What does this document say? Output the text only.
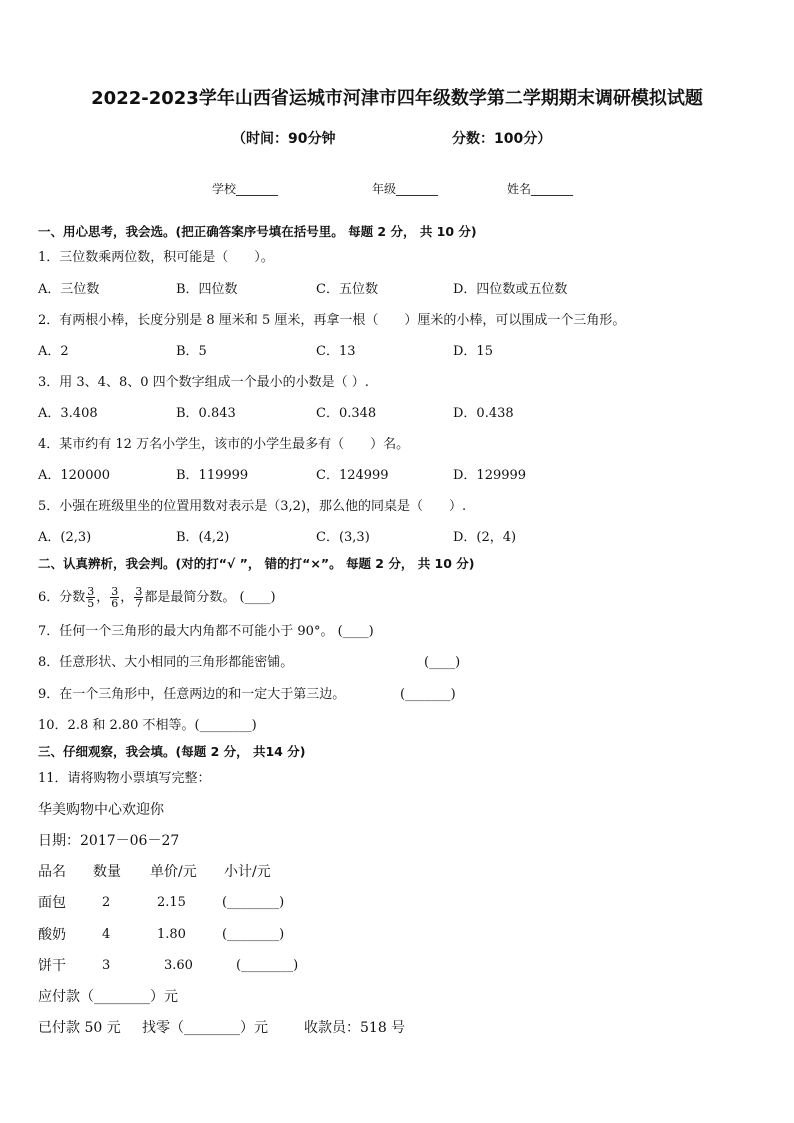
2022-2023学年山西省运城市河津市四年级数学第二学期期末调研模拟试题
（时间：90分钟	分数：100分）
学校_______	年级_______	姓名_______
一、用心思考，我会选。(把正确答案序号填在括号里。 每题 2 分， 共 10 分)
1．三位数乘两位数，积可能是（　　）。
A．三位数	B．四位数	C．五位数	D．四位数或五位数
2．有两根小棒，长度分别是 8 厘米和 5 厘米，再拿一根（　　）厘米的小棒，可以围成一个三角形。
A．2	B．5	C．13	D．15
3．用 3、4、8、0 四个数字组成一个最小的小数是（ ）.
A．3.408	B．0.843	C．0.348	D．0.438
4．某市约有 12 万名小学生，该市的小学生最多有（　　）名。
A．120000	B．119999	C．124999	D．129999
5．小强在班级里坐的位置用数对表示是（3,2)，那么他的同桌是（　　）.
A．(2,3)	B．(4,2)	C．(3,3)	D．(2，4)
二、认真辨析，我会判。(对的打“√ ”， 错的打“×”。 每题 2 分， 共 10 分)
6．分数 $\frac{3}{5}$ ， $\frac{3}{6}$ ， $\frac{3}{7}$ 都是最简分数。 (____)
7．任何一个三角形的最大内角都不可能小于 90°。 (____)
8．任意形状、大小相同的三角形都能密铺。	(____)
9．在一个三角形中，任意两边的和一定大于第三边。	(_______)
10．2.8 和 2.80 不相等。(________)
三、仔细观察，我会填。(每题 2 分， 共14 分)
11．请将购物小票填写完整：
华美购物中心欢迎你
日期：2017－06－27
品名 数量 单价/元 小计/元
面包	2	2.15	(________)
酸奶	4	1.80	(________)
饼干	3	3.60	(________)
应付款（________）元
已付款 50 元 找零（________）元	收款员：518 号
